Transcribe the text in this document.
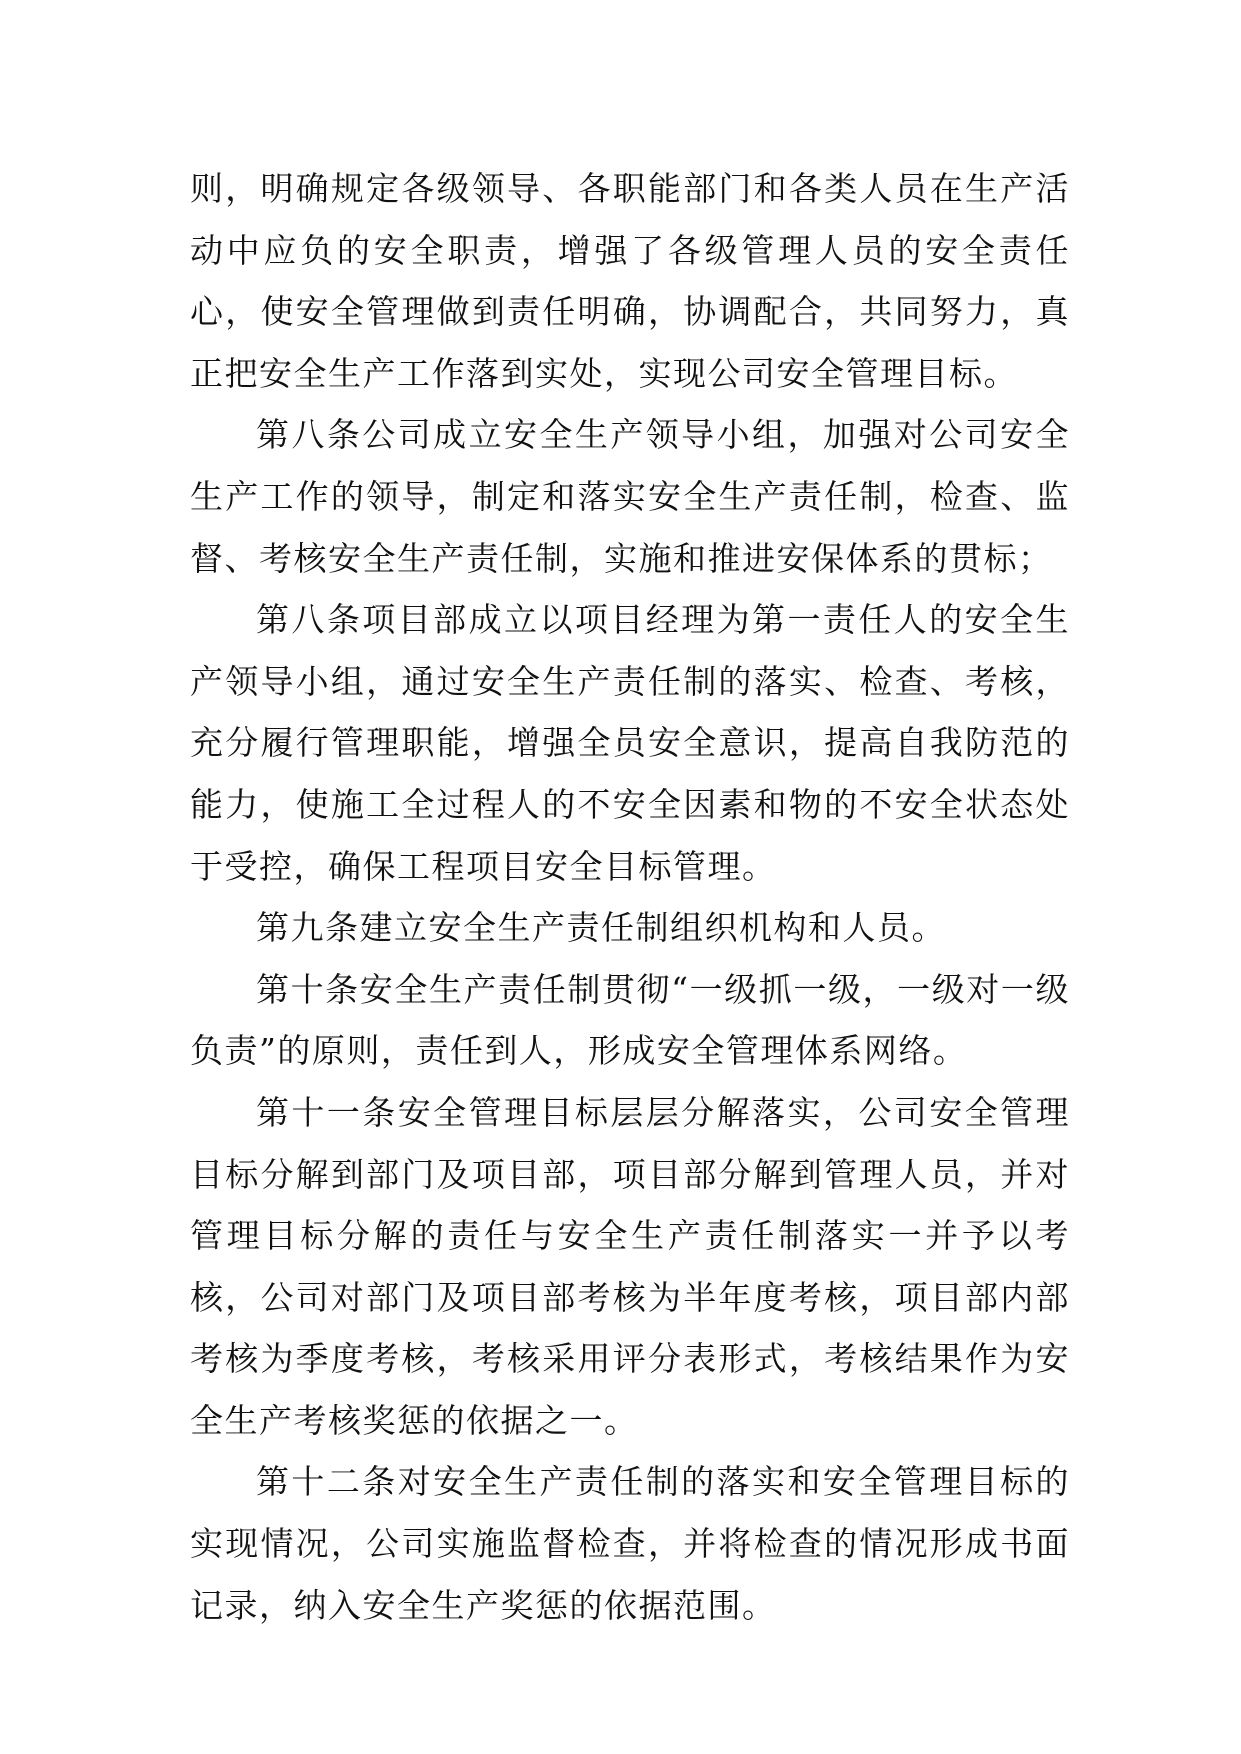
则，明确规定各级领导、各职能部门和各类人员在生产活动中应负的安全职责，增强了各级管理人员的安全责任心，使安全管理做到责任明确，协调配合，共同努力，真正把安全生产工作落到实处，实现公司安全管理目标。

第八条公司成立安全生产领导小组，加强对公司安全生产工作的领导，制定和落实安全生产责任制，检查、监督、考核安全生产责任制，实施和推进安保体系的贯标；

第八条项目部成立以项目经理为第一责任人的安全生产领导小组，通过安全生产责任制的落实、检查、考核，充分履行管理职能，增强全员安全意识，提高自我防范的能力，使施工全过程人的不安全因素和物的不安全状态处于受控，确保工程项目安全目标管理。

第九条建立安全生产责任制组织机构和人员。

第十条安全生产责任制贯彻“一级抓一级，一级对一级负责”的原则，责任到人，形成安全管理体系网络。

第十一条安全管理目标层层分解落实，公司安全管理目标分解到部门及项目部，项目部分解到管理人员，并对管理目标分解的责任与安全生产责任制落实一并予以考核，公司对部门及项目部考核为半年度考核，项目部内部考核为季度考核，考核采用评分表形式，考核结果作为安全生产考核奖惩的依据之一。

第十二条对安全生产责任制的落实和安全管理目标的实现情况，公司实施监督检查，并将检查的情况形成书面记录，纳入安全生产奖惩的依据范围。
